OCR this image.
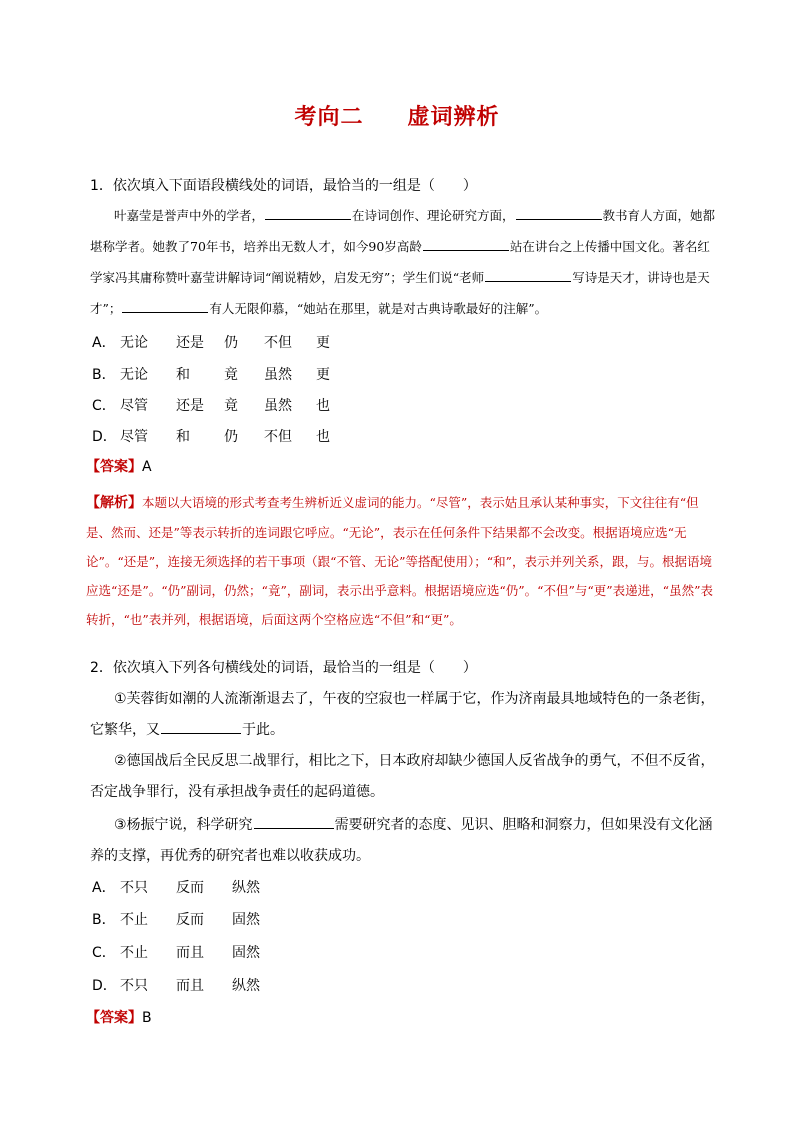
考向二 虚词辨析
1．依次填入下面语段横线处的词语，最恰当的一组是（　　）
叶嘉莹是誉声中外的学者，	在诗词创作、理论研究方面，	教书育人方面，她都堪称学者。她教了70年书，培养出无数人才，如今90岁高龄	站在讲台之上传播中国文化。著名红学家冯其庸称赞叶嘉莹讲解诗词“阐说精妙，启发无穷”；学生们说“老师	写诗是天才，讲诗也是天才”；	有人无限仰慕，“她站在那里，就是对古典诗歌最好的注解”。
A． 无论 还是 仍 不但 更
B． 无论 和 竟 虽然 更
C． 尽管 还是 竟 虽然 也
D． 尽管 和 仍 不但 也
【答案】A
【解析】本题以大语境的形式考查考生辨析近义虚词的能力。“尽管”，表示姑且承认某种事实，下文往往有“但是、然而、还是”等表示转折的连词跟它呼应。“无论”，表示在任何条件下结果都不会改变。根据语境应选“无论”。“还是”，连接无须选择的若干事项（跟“不管、无论”等搭配使用）；“和”，表示并列关系，跟，与。根据语境应选“还是”。“仍”副词，仍然；“竟”，副词，表示出乎意料。根据语境应选“仍”。“不但”与“更”表递进，“虽然”表转折，“也”表并列，根据语境，后面这两个空格应选“不但”和“更”。
2．依次填入下列各句横线处的词语，最恰当的一组是（　　）
①芙蓉街如潮的人流渐渐退去了，午夜的空寂也一样属于它，作为济南最具地域特色的一条老街，它繁华，又	于此。
②德国战后全民反思二战罪行，相比之下，日本政府却缺少德国人反省战争的勇气，不但不反省，否定战争罪行，没有承担战争责任的起码道德。
③杨振宁说，科学研究	需要研究者的态度、见识、胆略和洞察力，但如果没有文化涵养的支撑，再优秀的研究者也难以收获成功。
A． 不只 反而 纵然
B． 不止 反而 固然
C． 不止 而且 固然
D． 不只 而且 纵然
【答案】B
